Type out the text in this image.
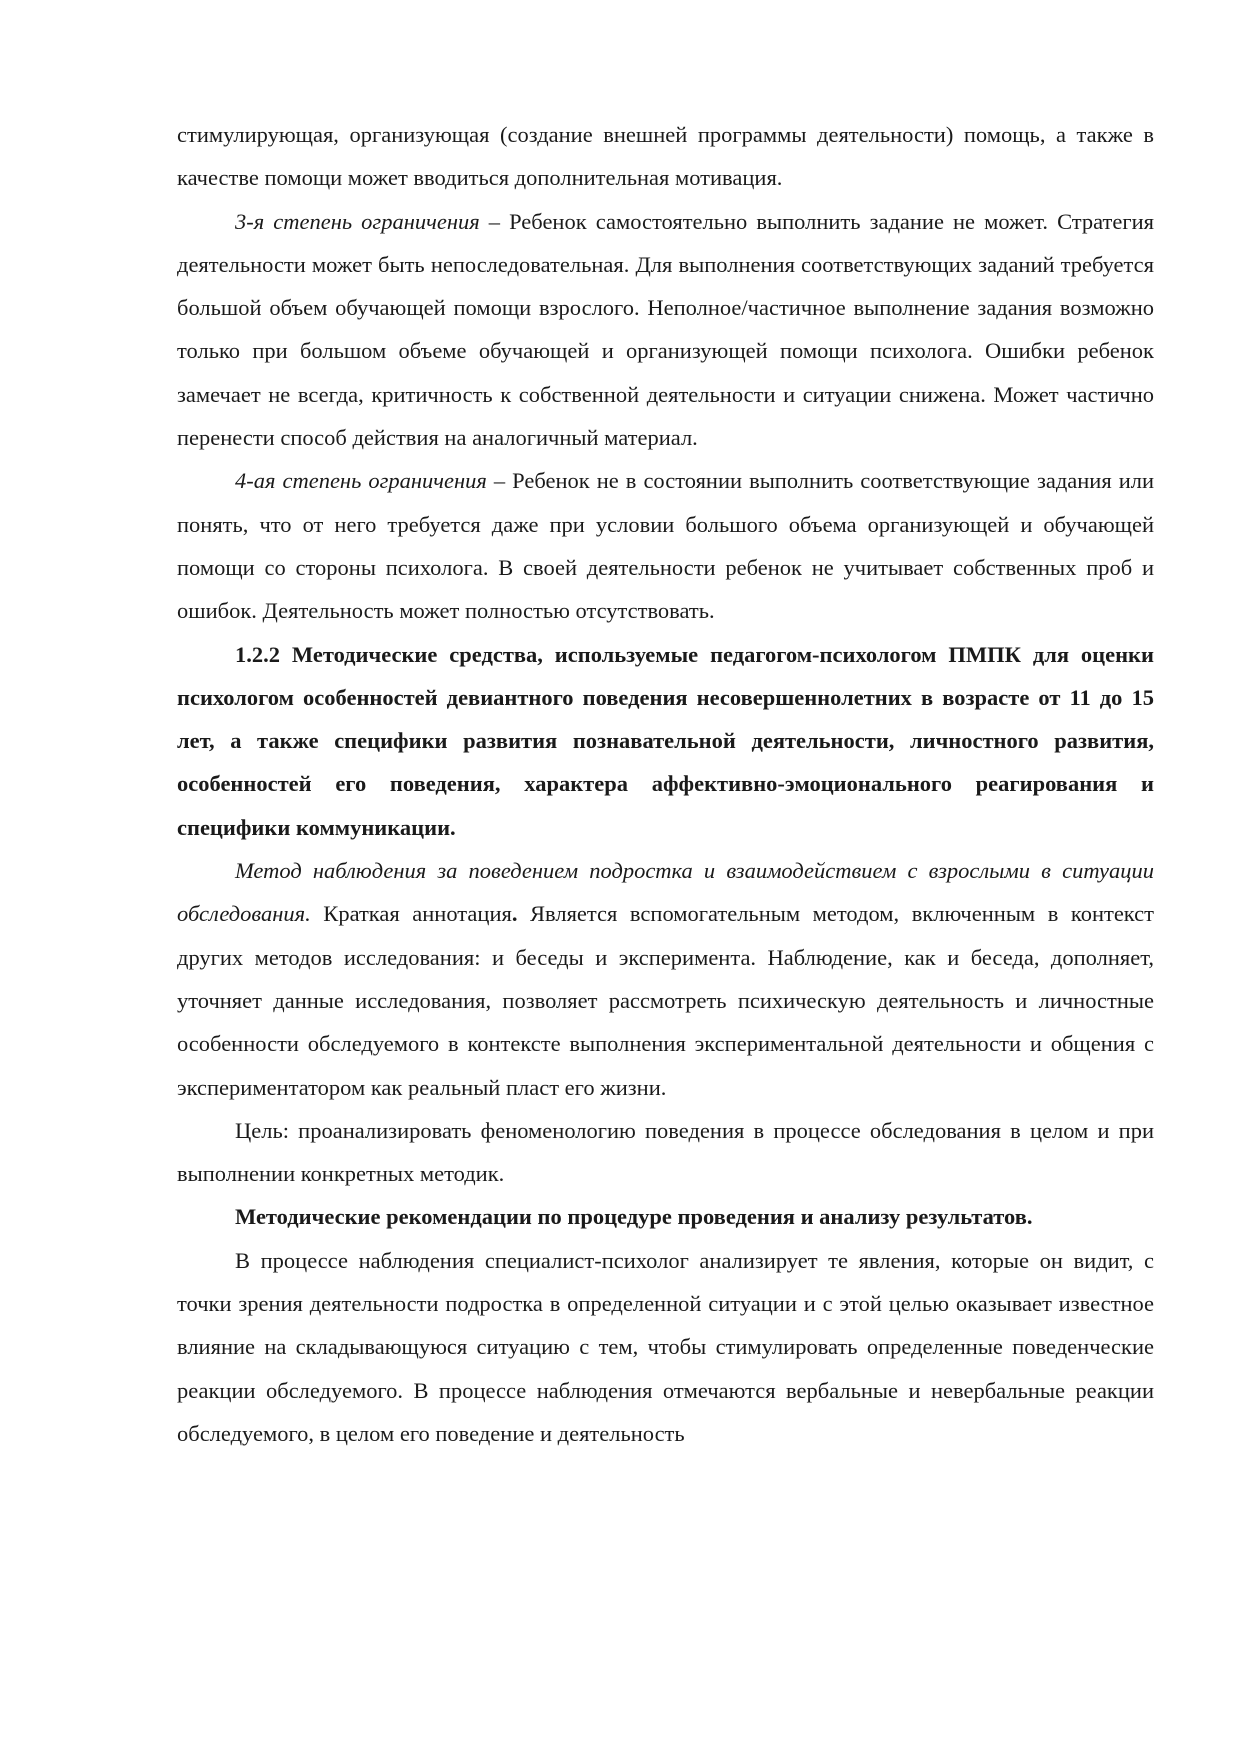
стимулирующая, организующая (создание внешней программы деятельности) помощь, а также в качестве помощи может вводиться дополнительная мотивация.

3-я степень ограничения – Ребенок самостоятельно выполнить задание не может. Стратегия деятельности может быть непоследовательная. Для выполнения соответствующих заданий требуется большой объем обучающей помощи взрослого. Неполное/частичное выполнение задания возможно только при большом объеме обучающей и организующей помощи психолога. Ошибки ребенок замечает не всегда, критичность к собственной деятельности и ситуации снижена. Может частично перенести способ действия на аналогичный материал.

4-ая степень ограничения – Ребенок не в состоянии выполнить соответствующие задания или понять, что от него требуется даже при условии большого объема организующей и обучающей помощи со стороны психолога. В своей деятельности ребенок не учитывает собственных проб и ошибок. Деятельность может полностью отсутствовать.

1.2.2 Методические средства, используемые педагогом-психологом ПМПК для оценки психологом особенностей девиантного поведения несовершеннолетних в возрасте от 11 до 15 лет, а также специфики развития познавательной деятельности, личностного развития, особенностей его поведения, характера аффективно-эмоционального реагирования и специфики коммуникации.

Метод наблюдения за поведением подростка и взаимодействием с взрослыми в ситуации обследования. Краткая аннотация. Является вспомогательным методом, включенным в контекст других методов исследования: и беседы и эксперимента. Наблюдение, как и беседа, дополняет, уточняет данные исследования, позволяет рассмотреть психическую деятельность и личностные особенности обследуемого в контексте выполнения экспериментальной деятельности и общения с экспериментатором как реальный пласт его жизни.

Цель: проанализировать феноменологию поведения в процессе обследования в целом и при выполнении конкретных методик.

Методические рекомендации по процедуре проведения и анализу результатов.

В процессе наблюдения специалист-психолог анализирует те явления, которые он видит, с точки зрения деятельности подростка в определенной ситуации и с этой целью оказывает известное влияние на складывающуюся ситуацию с тем, чтобы стимулировать определенные поведенческие реакции обследуемого. В процессе наблюдения отмечаются вербальные и невербальные реакции обследуемого, в целом его поведение и деятельность
